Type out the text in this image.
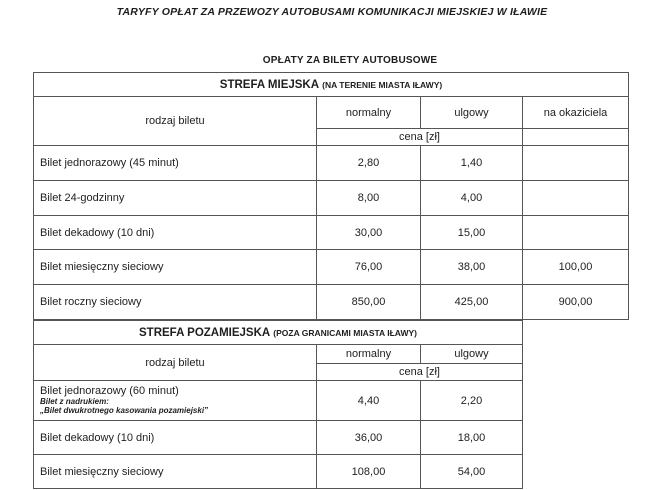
TARYFY OPŁAT ZA PRZEWOZY AUTOBUSAMI KOMUNIKACJI MIEJSKIEJ W IŁAWIE
OPŁATY ZA BILETY AUTOBUSOWE
STREFA MIEJSKA (NA TERENIE MIASTA IŁAWY)			
rodzaj biletu	normalny	ulgowy	na okaziciela
	cena [zł]		
Bilet jednorazowy (45 minut)	2,80	1,40	
Bilet 24-godzinny	8,00	4,00	
Bilet dekadowy (10 dni)	30,00	15,00	
Bilet miesięczny sieciowy	76,00	38,00	100,00
Bilet roczny sieciowy	850,00	425,00	900,00
STREFA POZAMIEJSKA (POZA GRANICAMI MIASTA IŁAWY)		
rodzaj biletu	normalny	ulgowy
	cena [zł]	

Bilet jednorazowy (60 minut)
Bilet z nadrukiem:
„Bilet dwukrotnego kasowania pozamiejski”	4,40	2,20
Bilet dekadowy (10 dni)	36,00	18,00
Bilet miesięczny sieciowy	108,00	54,00
